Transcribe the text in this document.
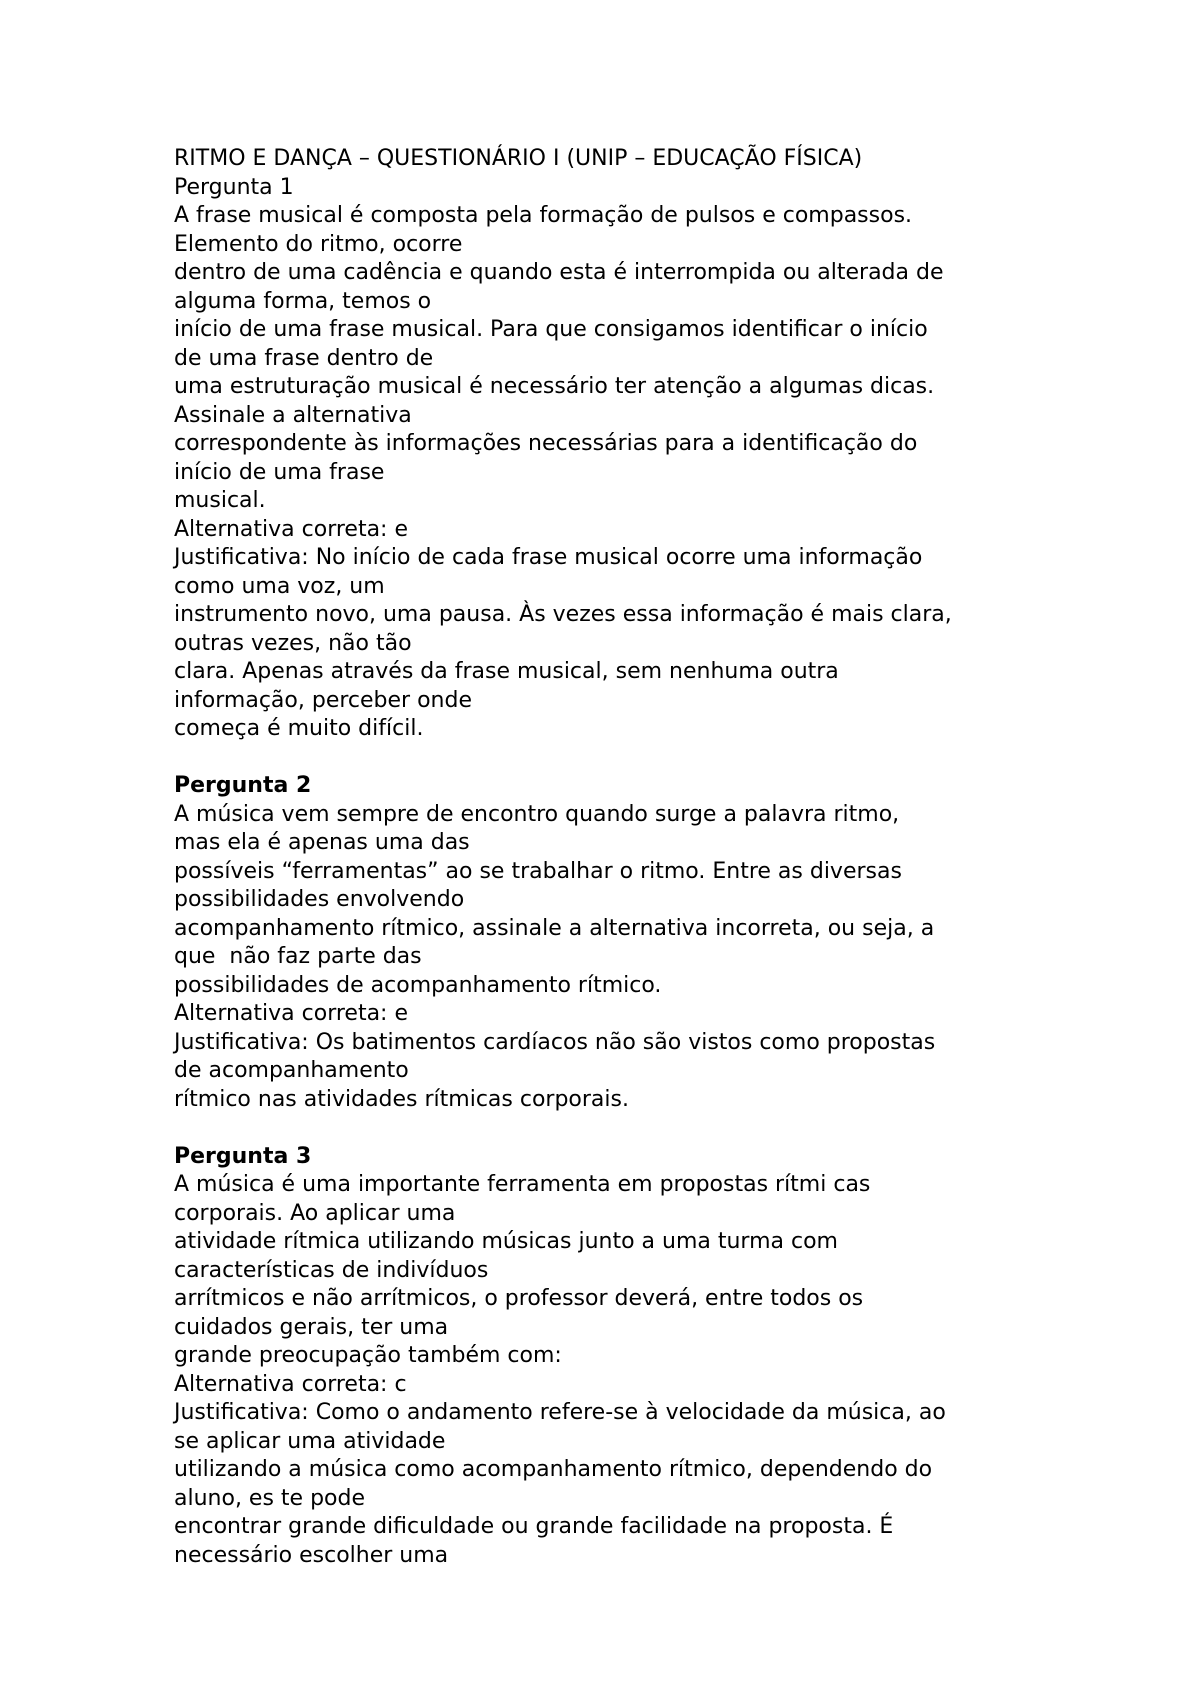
RITMO E DANÇA – QUESTIONÁRIO I (UNIP – EDUCAÇÃO FÍSICA)
Pergunta 1
A frase musical é composta pela formação de pulsos e compassos.
Elemento do ritmo, ocorre
dentro de uma cadência e quando esta é interrompida ou alterada de
alguma forma, temos o
início de uma frase musical. Para que consigamos identificar o início
de uma frase dentro de
uma estruturação musical é necessário ter atenção a algumas dicas.
Assinale a alternativa
correspondente às informações necessárias para a identificação do
início de uma frase
musical.
Alternativa correta: e
Justificativa: No início de cada frase musical ocorre uma informação
como uma voz, um
instrumento novo, uma pausa. Às vezes essa informação é mais clara,
outras vezes, não tão
clara. Apenas através da frase musical, sem nenhuma outra
informação, perceber onde
começa é muito difícil.
Pergunta 2
A música vem sempre de encontro quando surge a palavra ritmo,
mas ela é apenas uma das
possíveis “ferramentas” ao se trabalhar o ritmo. Entre as diversas
possibilidades envolvendo
acompanhamento rítmico, assinale a alternativa incorreta, ou seja, a
que  não faz parte das
possibilidades de acompanhamento rítmico.
Alternativa correta: e
Justificativa: Os batimentos cardíacos não são vistos como propostas
de acompanhamento
rítmico nas atividades rítmicas corporais.
Pergunta 3
A música é uma importante ferramenta em propostas rítmi cas
corporais. Ao aplicar uma
atividade rítmica utilizando músicas junto a uma turma com
características de indivíduos
arrítmicos e não arrítmicos, o professor deverá, entre todos os
cuidados gerais, ter uma
grande preocupação também com:
Alternativa correta: c
Justificativa: Como o andamento refere-se à velocidade da música, ao
se aplicar uma atividade
utilizando a música como acompanhamento rítmico, dependendo do
aluno, es te pode
encontrar grande dificuldade ou grande facilidade na proposta. É
necessário escolher uma
